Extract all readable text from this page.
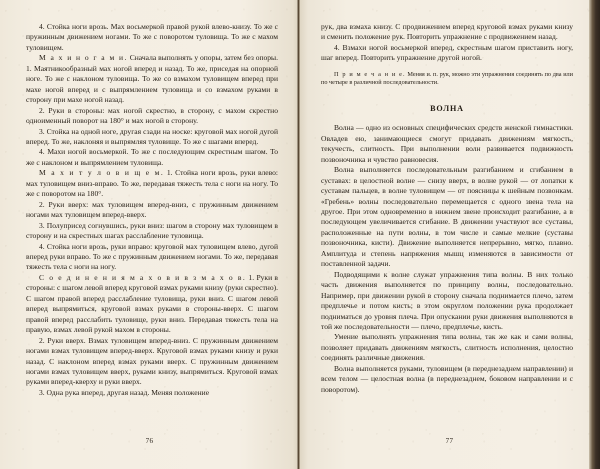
4. Стойка ноги врозь. Мах восьмеркой правой рукой влево-книзу. То же с пружинным движением ногами. То же с поворотом туловища. То же с махом туловищем.

М а х и н о г а м и. Сначала выполнять у опоры, затем без опоры. 1. Маятникообразный мах ногой вперед и назад. То же, приседая на опорной ноге. То же с наклоном туловища. То же со взмахом туловищем вперед при махе ногой вперед и с выпрямлением туловища и со взмахом руками в сторону при махе ногой назад.

2. Руки в стороны: мах ногой скрестно, в сторону, с махом скрестно одноименный поворот на 180° и мах ногой в сторону.

3. Стойка на одной ноге, другая сзади на носке: круговой мах ногой дугой вперед. То же, наклоняя и выпрямляя туловище. То же с шагами вперед.

4. Махи ногой восьмеркой. То же с последующим скрестным шагом. То же с наклоном и выпрямлением туловища.

М а х и т у л о в и щ е м. 1. Стойка ноги врозь, руки влево: мах туловищем вниз-вправо. То же, передавая тяжесть тела с ноги на ногу. То же с поворотом на 180°.

2. Руки вверх: мах туловищем вперед-вниз, с пружинным движением ногами мах туловищем вперед-вверх.

3. Полуприсед согнувшись, руки вниз: шагом в сторону мах туловищем в сторону и на скрестных шагах расслабление туловища.

4. Стойка ноги врозь, руки вправо: круговой мах туловищем влево, дугой вперед руки вправо. То же с пружинным движением ногами. То же, передавая тяжесть тела с ноги на ногу.

С о е д и н е н и я м а х о в и в з м а х о в. 1. Руки в стороны: с шагом левой вперед круговой взмах руками книзу (руки скрестно). С шагом правой вперед расслабление туловища, руки вниз. С шагом левой вперед выпрямиться, круговой взмах руками в стороны-вверх. С шагом правой вперед расслабить туловище, руки вниз. Передавая тяжесть тела на правую, взмах левой рукой махом в стороны.

2. Руки вверх. Взмах туловищем вперед-вниз. С пружинным движением ногами взмах туловищем вперед-вверх. Круговой взмах руками книзу и руки назад. С наклоном вперед взмах руками вверх. С пружинным движением ногами взмах туловищем вверх, руками книзу, выпрямиться. Круговой взмах руками вперед-кверху и руки вверх.

3. Одна рука вперед, другая назад. Меняя положение

76

рук, два взмаха книзу. С продвижением вперед круговой взмах руками книзу и сменить положение рук. Повторить упражнение с продвижением назад.

4. Взмахи ногой восьмеркой вперед, скрестным шагом приставить ногу, шаг вперед. Повторить упражнение другой ногой.

П р и м е ч а н и е. Меняя и. п. рук, можно эти упражнения соединять по два или по четыре в различной последовательности.

ВОЛНА

Волна — одно из основных специфических средств женской гимнастики. Овладев ею, занимающиеся смогут придавать движениям мягкость, текучесть, слитность. При выполнении волн развивается подвижность позвоночника и чувство равновесия.

Волна выполняется последовательным разгибанием и сгибанием в суставах: в целостной волне — снизу вверх, в волне рукой — от лопатки к суставам пальцев, в волне туловищем — от поясницы к шейным позвонкам. «Гребень» волны последовательно перемещается с одного звена тела на другое. При этом одновременно в нижнем звене происходит разгибание, а в последующем увеличивается сгибание. В движении участвуют все суставы, расположенные на пути волны, в том числе и самые мелкие (суставы позвоночника, кисти). Движение выполняется непрерывно, мягко, плавно. Амплитуда и степень напряжения мышц изменяются в зависимости от поставленной задачи.

Подводящими к волне служат упражнения типа волны. В них только часть движения выполняется по принципу волны, последовательно. Например, при движении рукой в сторону сначала поднимается плечо, затем предплечье и потом кисть; в этом округлом положении рука продолжает подниматься до уровня плеча. При опускании руки движения выполняются в той же последовательности — плечо, предплечье, кисть.

Умение выполнять упражнения типа волны, так же как и сами волны, позволяет придавать движениям мягкость, слитность исполнения, целостно соединять различные движения.

Волна выполняется руками, туловищем (в переднезаднем направлении) и всем телом — целостная волна (в переднезаднем, боковом направлении и с поворотом).

77
